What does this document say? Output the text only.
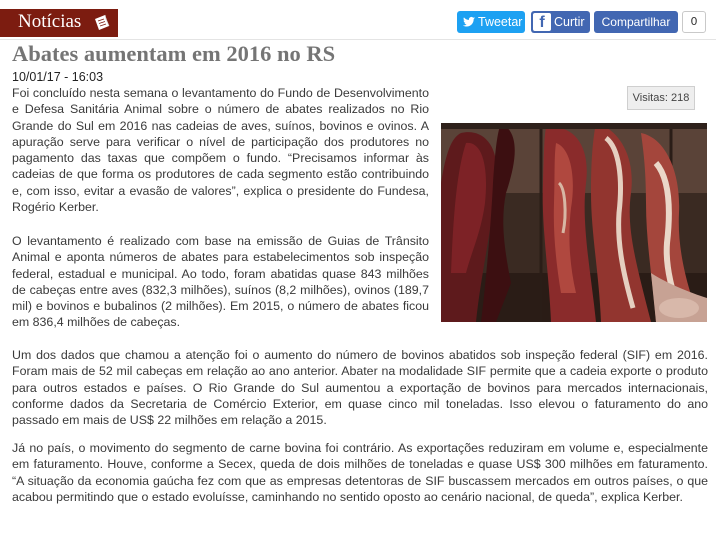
Notícias	Tweetar	f Curtir	Compartilhar	0
Abates aumentam em 2016 no RS
10/01/17 - 16:03
Visitas: 218

Foi concluído nesta semana o levantamento do Fundo de Desenvolvimento e Defesa Sanitária Animal sobre o número de abates realizados no Rio Grande do Sul em 2016 nas cadeias de aves, suínos, bovinos e ovinos. A apuração serve para verificar o nível de participação dos produtores no pagamento das taxas que compõem o fundo. “Precisamos informar às cadeias de que forma os produtores de cada segmento estão contribuindo e, com isso, evitar a evasão de valores”, explica o presidente do Fundesa, Rogério Kerber.

O levantamento é realizado com base na emissão de Guias de Trânsito Animal e aponta números de abates para estabelecimentos sob inspeção federal, estadual e municipal. Ao todo, foram abatidas quase 843 milhões de cabeças entre aves (832,3 milhões), suínos (8,2 milhões), ovinos (189,7 mil) e bovinos e bubalinos (2 milhões). Em 2015, o número de abates ficou em 836,4 milhões de cabeças.

Um dos dados que chamou a atenção foi o aumento do número de bovinos abatidos sob inspeção federal (SIF) em 2016. Foram mais de 52 mil cabeças em relação ao ano anterior. Abater na modalidade SIF permite que a cadeia exporte o produto para outros estados e países. O Rio Grande do Sul aumentou a exportação de bovinos para mercados internacionais, conforme dados da Secretaria de Comércio Exterior, em quase cinco mil toneladas. Isso elevou o faturamento do ano passado em mais de US$ 22 milhões em relação a 2015.

Já no país, o movimento do segmento de carne bovina foi contrário. As exportações reduziram em volume e, especialmente em faturamento. Houve, conforme a Secex, queda de dois milhões de toneladas e quase US$ 300 milhões em faturamento. “A situação da economia gaúcha fez com que as empresas detentoras de SIF buscassem mercados em outros países, o que acabou permitindo que o estado evoluísse, caminhando no sentido oposto ao cenário nacional, de queda”, explica Kerber.
